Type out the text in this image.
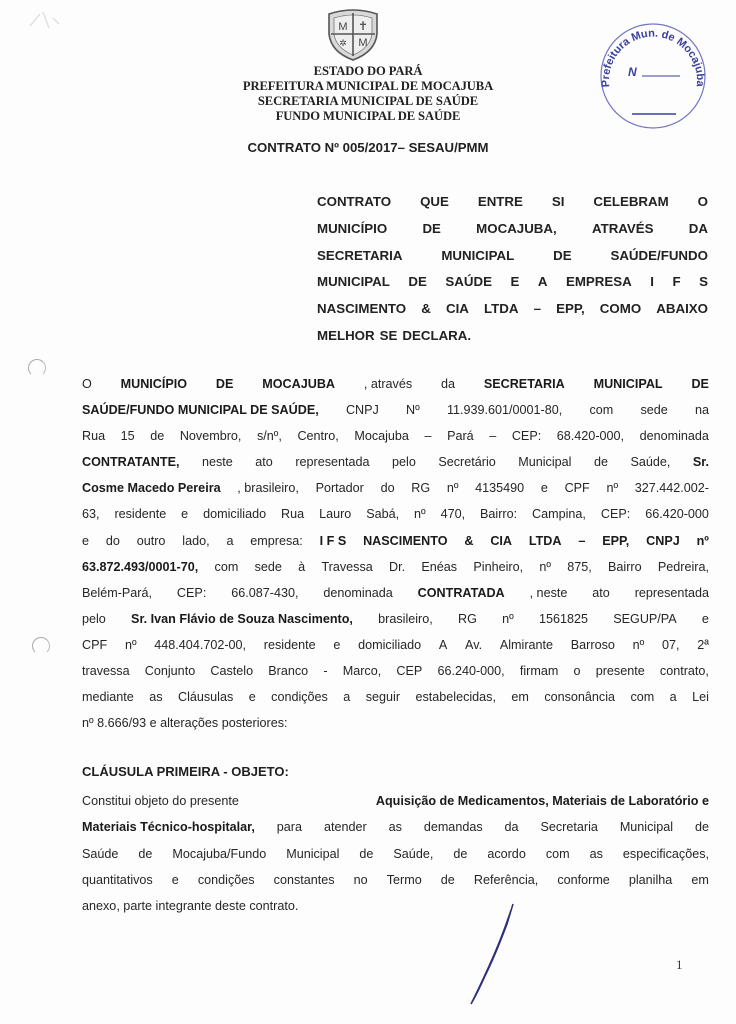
M ✝
✲ M
ESTADO DO PARÁ
PREFEITURA MUNICIPAL DE MOCAJUBA
SECRETARIA MUNICIPAL DE SAÚDE
FUNDO MUNICIPAL DE SAÚDE
CONTRATO Nº 005/2017– SESAU/PMM
Prefeitura Mun. de Mocajuba
N
CONTRATO QUE ENTRE SI CELEBRAM O
MUNICÍPIO	DE	MOCAJUBA,	ATRAVÉS	DA
SECRETARIA	MUNICIPAL	DE	SAÚDE/FUNDO
MUNICIPAL DE SAÚDE E A EMPRESA I F S
NASCIMENTO & CIA LTDA – EPP, COMO ABAIXO
MELHOR SE DECLARA.
O MUNICÍPIO DE MOCAJUBA , através da SECRETARIA MUNICIPAL DE
SAÚDE/FUNDO MUNICIPAL DE SAÚDE, CNPJ Nº 11.939.601/0001-80, com sede na
Rua 15 de Novembro, s/nº, Centro, Mocajuba – Pará – CEP: 68.420-000, denominada
CONTRATANTE, neste ato representada pelo Secretário Municipal de Saúde, Sr.
Cosme Macedo Pereira , brasileiro, Portador do RG nº 4135490 e CPF nº 327.442.002-
63, residente e domiciliado Rua Lauro Sabá, nº 470, Bairro: Campina, CEP: 66.420-000
e do outro lado, a empresa: I F S NASCIMENTO & CIA LTDA – EPP, CNPJ nº
63.872.493/0001-70, com sede à Travessa Dr. Enéas Pinheiro, nº 875, Bairro Pedreira,
Belém-Pará, CEP: 66.087-430, denominada CONTRATADA , neste ato representada
pelo Sr. Ivan Flávio de Souza Nascimento, brasileiro, RG nº 1561825 SEGUP/PA e
CPF nº 448.404.702-00, residente e domiciliado A Av. Almirante Barroso nº 07, 2ª
travessa Conjunto Castelo Branco - Marco, CEP 66.240-000, firmam o presente contrato,
mediante as Cláusulas e condições a seguir estabelecidas, em consonância com a Lei
nº 8.666/93 e alterações posteriores:
CLÁUSULA PRIMEIRA - OBJETO:
Constitui objeto do presente	Aquisição de Medicamentos, Materiais de Laboratório e
Materiais Técnico-hospitalar, para atender as demandas da Secretaria Municipal de
Saúde de Mocajuba/Fundo Municipal de Saúde, de acordo com as especificações,
quantitativos e condições constantes no Termo de Referência, conforme planilha em
anexo, parte integrante deste contrato.
1
